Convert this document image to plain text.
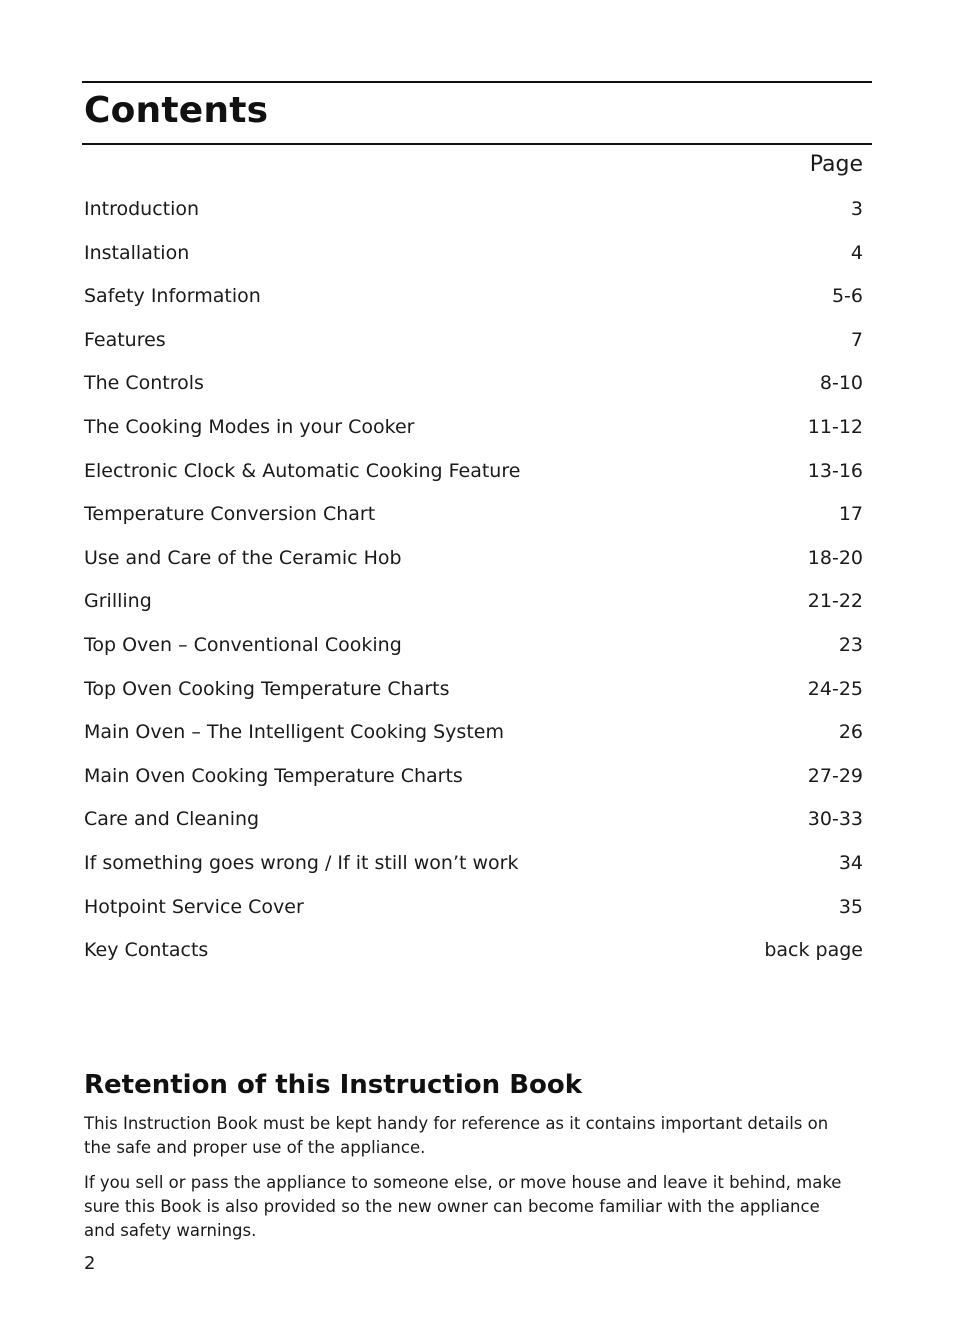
Contents
Page
Introduction	3
Installation	4
Safety Information	5-6
Features	7
The Controls	8-10
The Cooking Modes in your Cooker	11-12
Electronic Clock & Automatic Cooking Feature	13-16
Temperature Conversion Chart	17
Use and Care of the Ceramic Hob	18-20
Grilling	21-22
Top Oven – Conventional Cooking	23
Top Oven Cooking Temperature Charts	24-25
Main Oven – The Intelligent Cooking System	26
Main Oven Cooking Temperature Charts	27-29
Care and Cleaning	30-33
If something goes wrong / If it still won’t work	34
Hotpoint Service Cover	35
Key Contacts	back page
Retention of this Instruction Book

This Instruction Book must be kept handy for reference as it contains important details on the safe and proper use of the appliance.

If you sell or pass the appliance to someone else, or move house and leave it behind, make sure this Book is also provided so the new owner can become familiar with the appliance and safety warnings.

2
